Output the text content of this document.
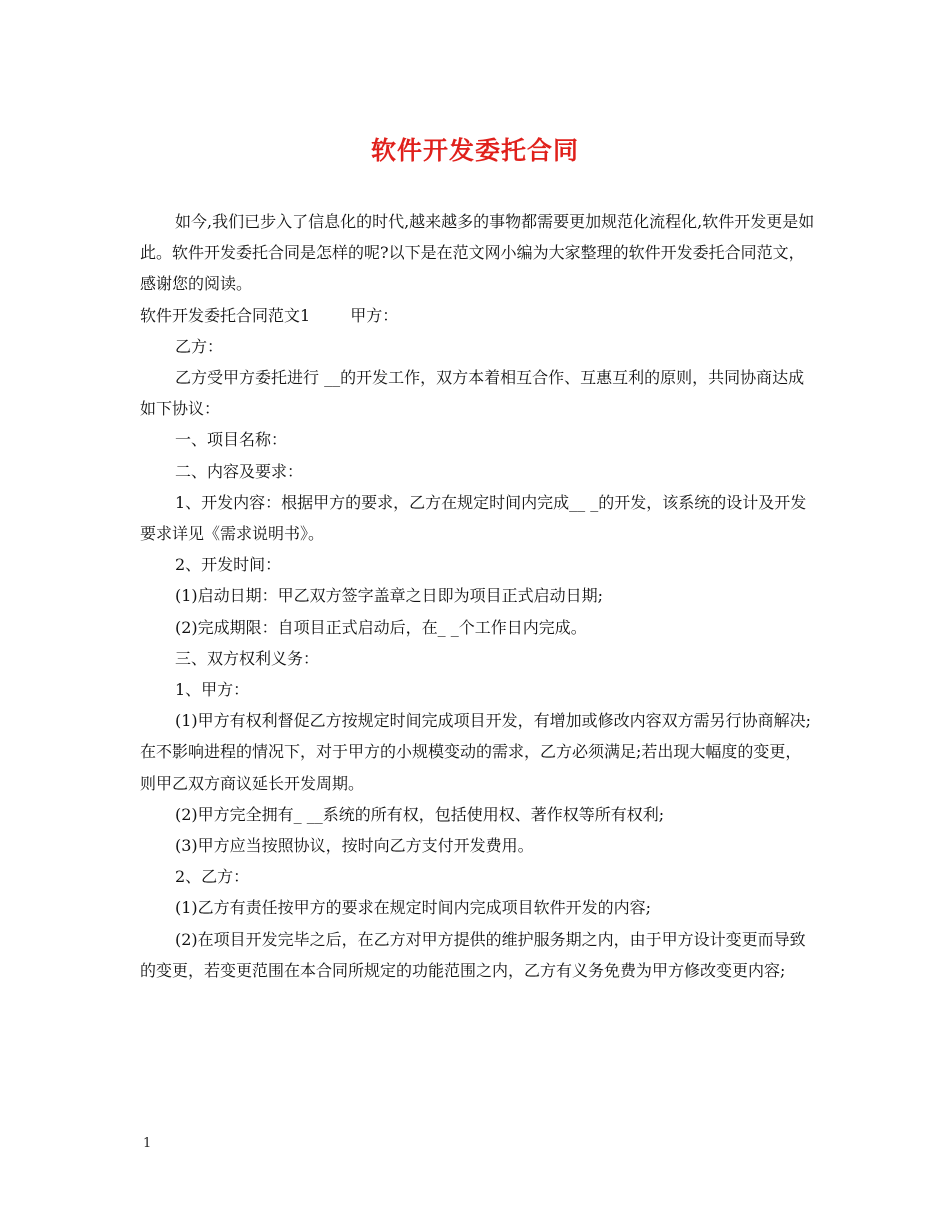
软件开发委托合同

如今,我们已步入了信息化的时代,越来越多的事物都需要更加规范化流程化,软件开发更是如此。软件开发委托合同是怎样的呢?以下是在范文网小编为大家整理的软件开发委托合同范文，感谢您的阅读。

软件开发委托合同范文1	甲方：

乙方：

乙方受甲方委托进行 __的开发工作，双方本着相互合作、互惠互利的原则，共同协商达成如下协议：

一、项目名称：

二、内容及要求：

1、开发内容：根据甲方的要求，乙方在规定时间内完成__ _的开发，该系统的设计及开发要求详见《需求说明书》。

2、开发时间：

(1)启动日期：甲乙双方签字盖章之日即为项目正式启动日期;

(2)完成期限：自项目正式启动后，在_ _个工作日内完成。

三、双方权利义务：

1、甲方：

(1)甲方有权利督促乙方按规定时间完成项目开发，有增加或修改内容双方需另行协商解决;在不影响进程的情况下，对于甲方的小规模变动的需求，乙方必须满足;若出现大幅度的变更，则甲乙双方商议延长开发周期。

(2)甲方完全拥有_ __系统的所有权，包括使用权、著作权等所有权利;

(3)甲方应当按照协议，按时向乙方支付开发费用。

2、乙方：

(1)乙方有责任按甲方的要求在规定时间内完成项目软件开发的内容;

(2)在项目开发完毕之后，在乙方对甲方提供的维护服务期之内，由于甲方设计变更而导致的变更，若变更范围在本合同所规定的功能范围之内，乙方有义务免费为甲方修改变更内容;

1
